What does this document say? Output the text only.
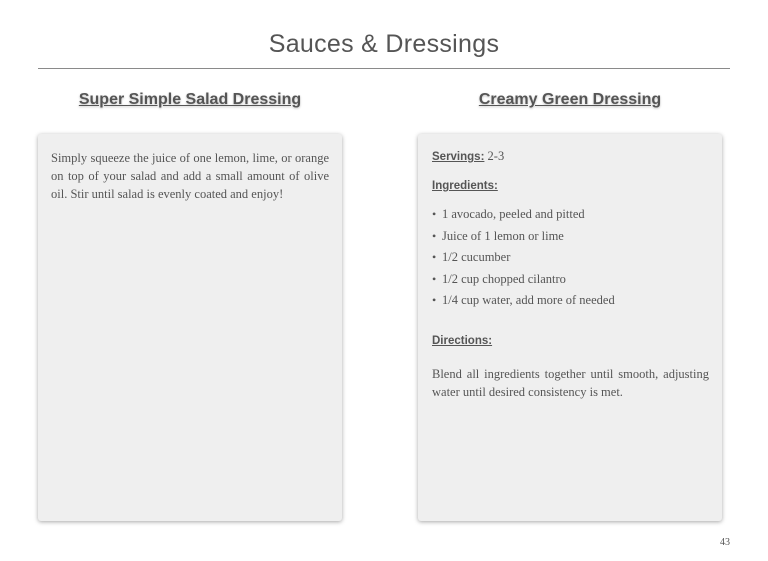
Sauces & Dressings
Super Simple Salad Dressing	Creamy Green Dressing

Simply squeeze the juice of one lemon, lime, or orange on top of your salad and add a small amount of olive oil. Stir until salad is evenly coated and enjoy!

Servings: 2-3

Ingredients:
• 1 avocado, peeled and pitted
• Juice of 1 lemon or lime
• 1/2 cucumber
• 1/2 cup chopped cilantro
• 1/4 cup water, add more of needed
Directions:

Blend all ingredients together until smooth, adjusting water until desired consistency is met.

43
